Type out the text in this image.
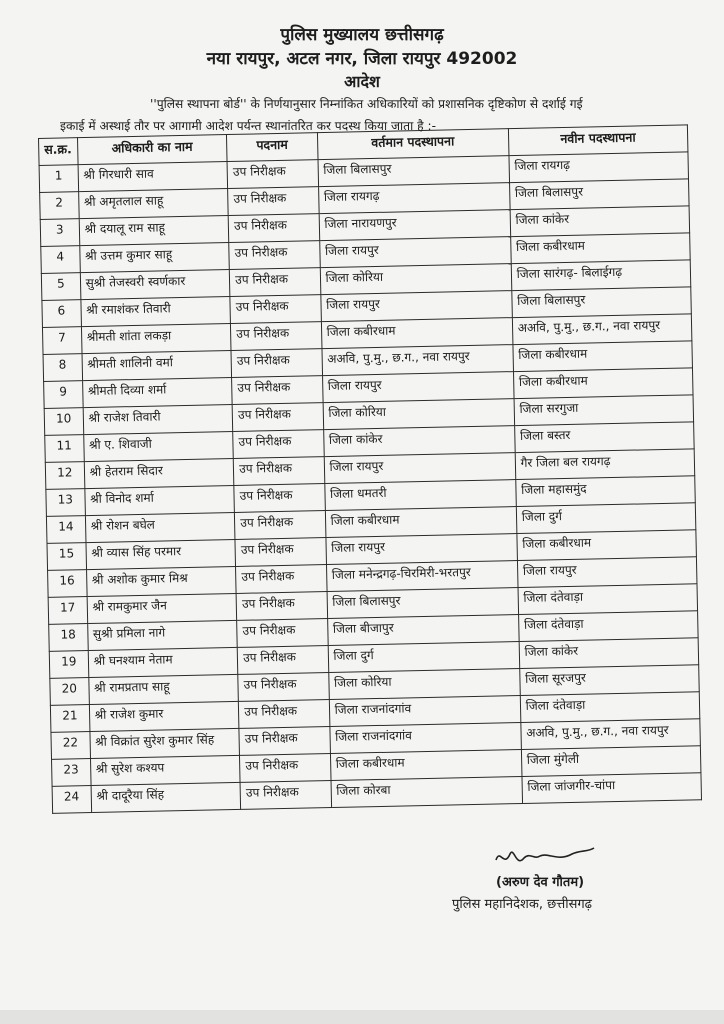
पुलिस मुख्यालय छत्तीसगढ़
नया रायपुर, अटल नगर, जिला रायपुर 492002
आदेश
''पुलिस स्थापना बोर्ड'' के निर्णयानुसार निम्नांकित अधिकारियों को प्रशासनिक दृष्टिकोण से दर्शाई गई
इकाई में अस्थाई तौर पर आगामी आदेश पर्यन्त स्थानांतरित कर पदस्थ किया जाता है :-
स.क्र.	अधिकारी का नाम	पदनाम	वर्तमान पदस्थापना	नवीन पदस्थापना
1	श्री गिरधारी साव	उप निरीक्षक	जिला बिलासपुर	जिला रायगढ़
2	श्री अमृतलाल साहू	उप निरीक्षक	जिला रायगढ़	जिला बिलासपुर
3	श्री दयालू राम साहू	उप निरीक्षक	जिला नारायणपुर	जिला कांकेर
4	श्री उत्तम कुमार साहू	उप निरीक्षक	जिला रायपुर	जिला कबीरधाम
5	सुश्री तेजस्वरी स्वर्णकार	उप निरीक्षक	जिला कोरिया	जिला सारंगढ़- बिलाईगढ़
6	श्री रमाशंकर तिवारी	उप निरीक्षक	जिला रायपुर	जिला बिलासपुर
7	श्रीमती शांता लकड़ा	उप निरीक्षक	जिला कबीरधाम	अअवि, पु.मु., छ.ग., नवा रायपुर
8	श्रीमती शालिनी वर्मा	उप निरीक्षक	अअवि, पु.मु., छ.ग., नवा रायपुर	जिला कबीरधाम
9	श्रीमती दिव्या शर्मा	उप निरीक्षक	जिला रायपुर	जिला कबीरधाम
10	श्री राजेश तिवारी	उप निरीक्षक	जिला कोरिया	जिला सरगुजा
11	श्री ए. शिवाजी	उप निरीक्षक	जिला कांकेर	जिला बस्तर
12	श्री हेतराम सिदार	उप निरीक्षक	जिला रायपुर	गैर जिला बल रायगढ़
13	श्री विनोद शर्मा	उप निरीक्षक	जिला धमतरी	जिला महासमुंद
14	श्री रोशन बघेल	उप निरीक्षक	जिला कबीरधाम	जिला दुर्ग
15	श्री व्यास सिंह परमार	उप निरीक्षक	जिला रायपुर	जिला कबीरधाम
16	श्री अशोक कुमार मिश्र	उप निरीक्षक	जिला मनेन्द्रगढ़-चिरमिरी-भरतपुर	जिला रायपुर
17	श्री रामकुमार जैन	उप निरीक्षक	जिला बिलासपुर	जिला दंतेवाड़ा
18	सुश्री प्रमिला नागे	उप निरीक्षक	जिला बीजापुर	जिला दंतेवाड़ा
19	श्री घनश्याम नेताम	उप निरीक्षक	जिला दुर्ग	जिला कांकेर
20	श्री रामप्रताप साहू	उप निरीक्षक	जिला कोरिया	जिला सूरजपुर
21	श्री राजेश कुमार	उप निरीक्षक	जिला राजनांदगांव	जिला दंतेवाड़ा
22	श्री विक्रांत सुरेश कुमार सिंह	उप निरीक्षक	जिला राजनांदगांव	अअवि, पु.मु., छ.ग., नवा रायपुर
23	श्री सुरेश कश्यप	उप निरीक्षक	जिला कबीरधाम	जिला मुंगेली
24	श्री दादूरैया सिंह	उप निरीक्षक	जिला कोरबा	जिला जांजगीर-चांपा
(अरुण देव गौतम)
पुलिस महानिदेशक, छत्तीसगढ़
